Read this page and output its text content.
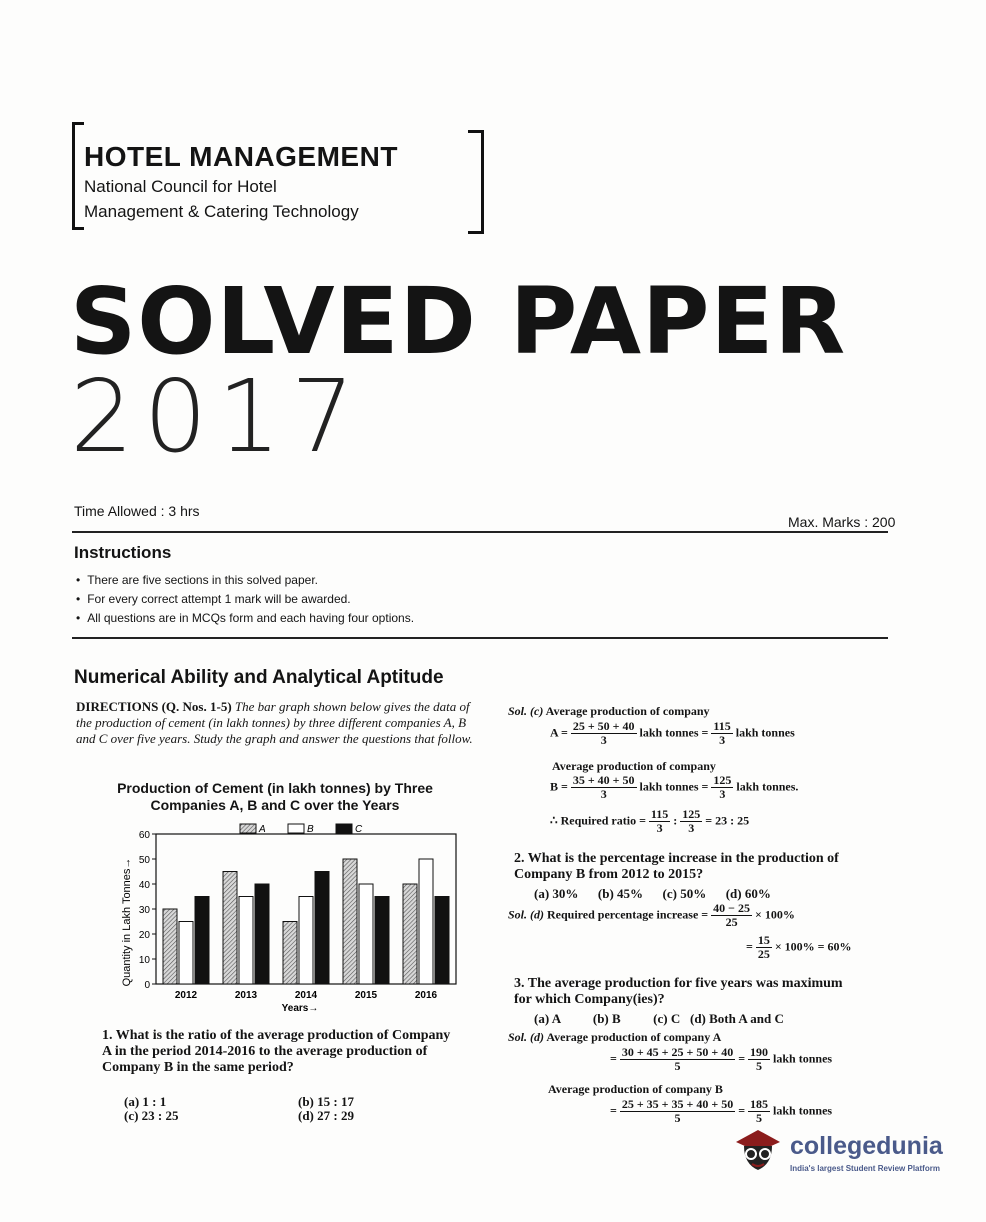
HOTEL MANAGEMENT
National Council for Hotel
Management & Catering Technology
SOLVED PAPER
2017
Time Allowed : 3 hrs
Max. Marks : 200
Instructions
• There are five sections in this solved paper.
• For every correct attempt 1 mark will be awarded.
• All questions are in MCQs form and each having four options.
Numerical Ability and Analytical Aptitude
DIRECTIONS (Q. Nos. 1-5) The bar graph shown below gives the data of the production of cement (in lakh tonnes) by three different companies A, B and C over five years. Study the graph and answer the questions that follow.
Production of Cement (in lakh tonnes) by Three Companies A, B and C over the Years
Quantity in Lakh Tonnes→ 0
10
20
30
40
50
60
2012	2013	2014	2015	2016
A	B	C
Years→
1. What is the ratio of the average production of Company A in the period 2014-2016 to the average production of Company B in the same period?
(a) 1 : 1	(b) 15 : 17
(c) 23 : 25	(d) 27 : 29
Sol. (c) Average production of company
$A = \frac{25 + 50 + 40}{3}$ lakh tonnes = $\frac{115}{3}$ lakh tonnes
Average production of company
$B = \frac{35 + 40 + 50}{3}$ lakh tonnes = $\frac{125}{3}$ lakh tonnes.
∴ Required ratio = $\frac{115}{3}$ : $\frac{125}{3} = 23$ : 25
2. What is the percentage increase in the production of Company B from 2012 to 2015?
(a) 30%      (b) 45%      (c) 50%      (d) 60%
Sol. (d) Required percentage increase = $\frac{40 - 25}{25} \times 100\%$
= $\frac{15}{25} \times 100\% = 60\%$
3. The average production for five years was maximum for which Company(ies)?
(a) A          (b) B          (c) C   (d) Both A and C
Sol. (d) Average production of company A
= $\frac{30 + 45 + 25 + 50 + 40}{5} = \frac{190}{5}$ lakh tonnes
Average production of company B
= $\frac{25 + 35 + 35 + 40 + 50}{5} = \frac{185}{5}$ lakh tonnes
collegedunia
India's largest Student Review Platform
